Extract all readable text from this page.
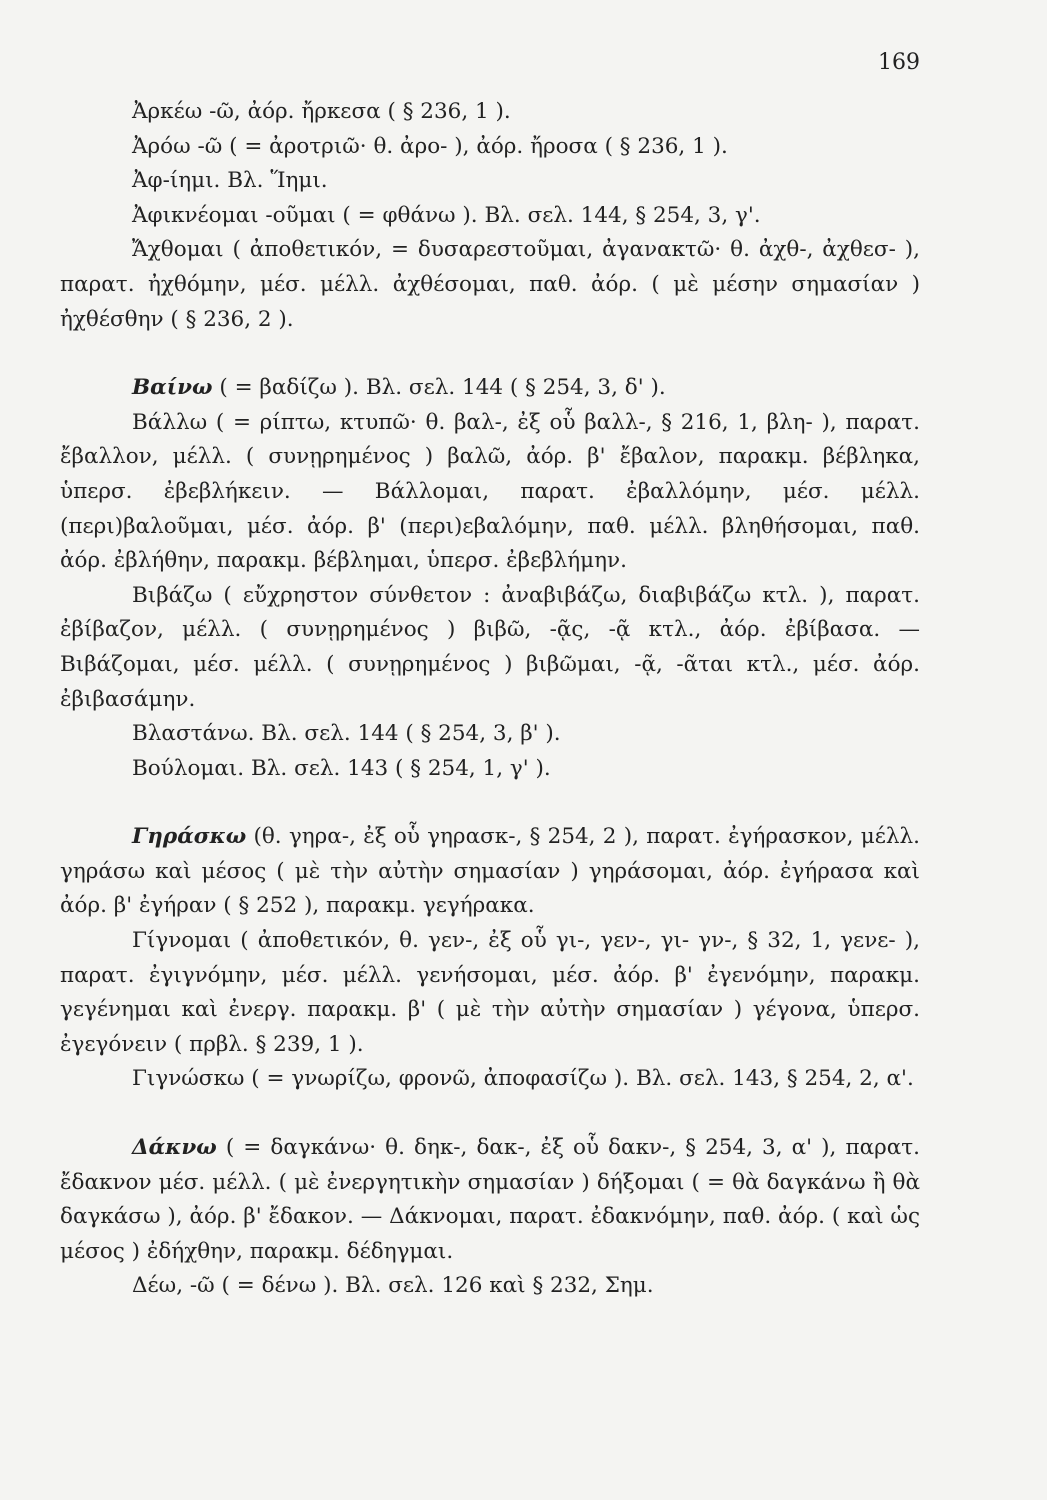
169

Ἀρκέω -ῶ, ἀόρ. ἤρκεσα ( § 236, 1 ).

Ἀρόω -ῶ ( = ἀροτριῶ· θ. ἀρο- ), ἀόρ. ἤροσα ( § 236, 1 ).

Ἀφ-ίημι. Βλ. Ἵημι.

Ἀφικνέομαι -οῦμαι ( = φθάνω ). Βλ. σελ. 144, § 254, 3, γ'.

Ἄχθομαι ( ἀποθετικόν, = δυσαρεστοῦμαι, ἀγανακτῶ· θ. ἀχθ-, ἀχθεσ- ), παρατ. ἠχθόμην, μέσ. μέλλ. ἀχθέσομαι, παθ. ἀόρ. ( μὲ μέσην σημασίαν ) ἠχθέσθην ( § 236, 2 ).

Βαίνω ( = βαδίζω ). Βλ. σελ. 144 ( § 254, 3, δ' ).

Βάλλω ( = ρίπτω, κτυπῶ· θ. βαλ-, ἐξ οὗ βαλλ-, § 216, 1, βλη- ), παρατ. ἔβαλλον, μέλλ. ( συνῃρημένος ) βαλῶ, ἀόρ. β' ἔβαλον, παρακμ. βέβληκα, ὑπερσ. ἐβεβλήκειν. — Βάλλομαι, παρατ. ἐβαλλόμην, μέσ. μέλλ. (περι)βαλοῦμαι, μέσ. ἀόρ. β' (περι)εβαλόμην, παθ. μέλλ. βληθήσομαι, παθ. ἀόρ. ἐβλήθην, παρακμ. βέβλημαι, ὑπερσ. ἐβεβλήμην.

Βιβάζω ( εὔχρηστον σύνθετον : ἀναβιβάζω, διαβιβάζω κτλ. ), παρατ. ἐβίβαζον, μέλλ. ( συνῃρημένος ) βιβῶ, -ᾷς, -ᾷ κτλ., ἀόρ. ἐβίβασα. — Βιβάζομαι, μέσ. μέλλ. ( συνῃρημένος ) βιβῶμαι, -ᾷ, -ᾶται κτλ., μέσ. ἀόρ. ἐβιβασάμην.

Βλαστάνω. Βλ. σελ. 144 ( § 254, 3, β' ).

Βούλομαι. Βλ. σελ. 143 ( § 254, 1, γ' ).

Γηράσκω (θ. γηρα-, ἐξ οὗ γηρασκ-, § 254, 2 ), παρατ. ἐγήρασκον, μέλλ. γηράσω καὶ μέσος ( μὲ τὴν αὐτὴν σημασίαν ) γηράσομαι, ἀόρ. ἐγήρασα καὶ ἀόρ. β' ἐγήραν ( § 252 ), παρακμ. γεγήρακα.

Γίγνομαι ( ἀποθετικόν, θ. γεν-, ἐξ οὗ γι-, γεν-, γι- γν-, § 32, 1, γενε- ), παρατ. ἐγιγνόμην, μέσ. μέλλ. γενήσομαι, μέσ. ἀόρ. β' ἐγενόμην, παρακμ. γεγένημαι καὶ ἐνεργ. παρακμ. β' ( μὲ τὴν αὐτὴν σημασίαν ) γέγονα, ὑπερσ. ἐγεγόνειν ( πρβλ. § 239, 1 ).

Γιγνώσκω ( = γνωρίζω, φρονῶ, ἀποφασίζω ). Βλ. σελ. 143, § 254, 2, α'.

Δάκνω ( = δαγκάνω· θ. δηκ-, δακ-, ἐξ οὗ δακν-, § 254, 3, α' ), παρατ. ἔδακνον μέσ. μέλλ. ( μὲ ἐνεργητικὴν σημασίαν ) δήξομαι ( = θὰ δαγκάνω ἢ θὰ δαγκάσω ), ἀόρ. β' ἔδακον. — Δάκνομαι, παρατ. ἐδακνόμην, παθ. ἀόρ. ( καὶ ὡς μέσος ) ἐδήχθην, παρακμ. δέδηγμαι.

Δέω, -ῶ ( = δένω ). Βλ. σελ. 126 καὶ § 232, Σημ.
